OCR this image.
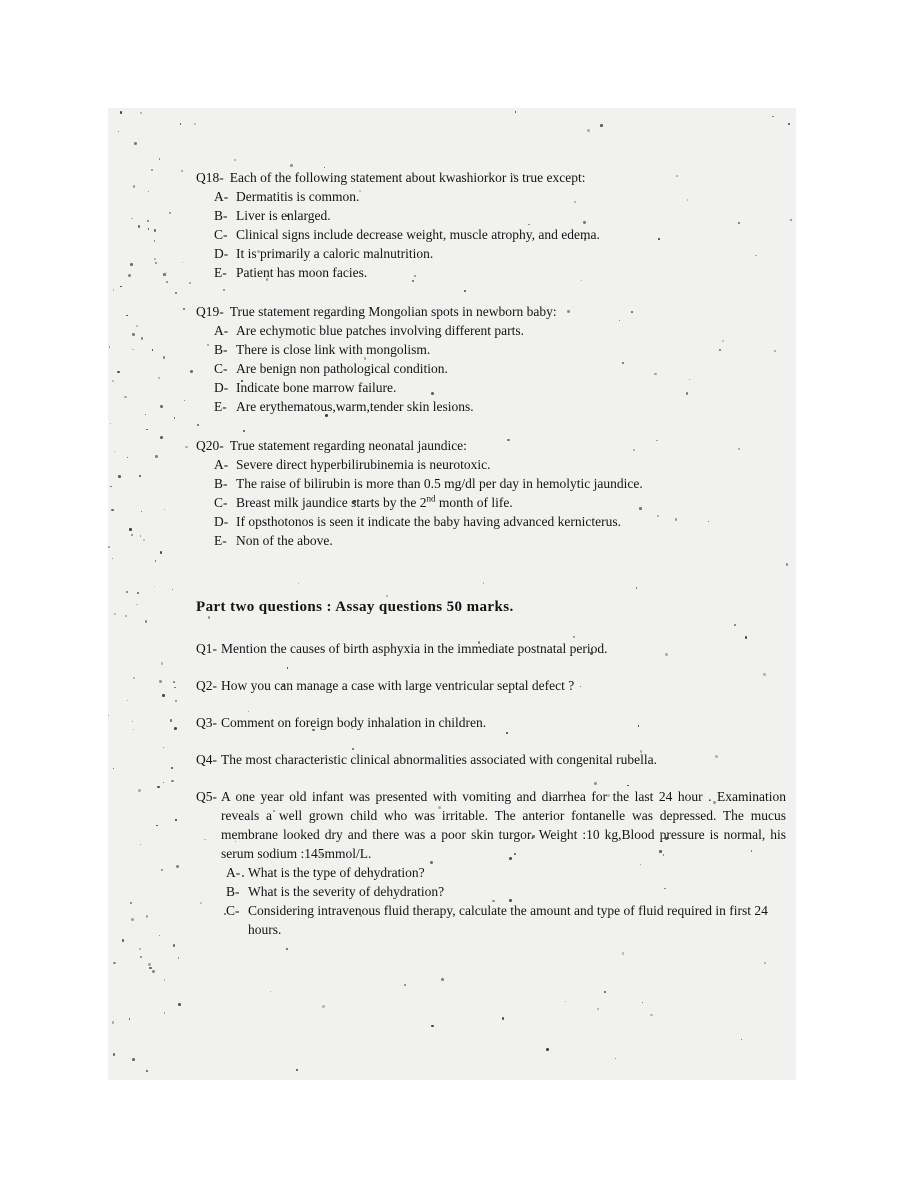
Q18- Each of the following statement about kwashiorkor is true except:
A- Dermatitis is common.
B- Liver is enlarged.
C- Clinical signs include decrease weight, muscle atrophy, and edema.
D- It is primarily a caloric malnutrition.
E- Patient has moon facies.
Q19- True statement regarding Mongolian spots in newborn baby:
A- Are echymotic blue patches involving different parts.
B- There is close link with mongolism.
C- Are benign non pathological condition.
D- Indicate bone marrow failure.
E- Are erythematous,warm,tender skin lesions.
Q20- True statement regarding neonatal jaundice:
A- Severe direct hyperbilirubinemia is neurotoxic.
B- The raise of bilirubin is more than 0.5 mg/dl per day in hemolytic jaundice.
C- Breast milk jaundice starts by the 2nd month of life.
D- If opsthotonos is seen it indicate the baby having advanced kernicterus.
E- Non of the above.
Part two questions : Assay questions 50 marks.
Q1- Mention the causes of birth asphyxia in the immediate postnatal period.
Q2- How you can manage a case with large ventricular septal defect ?
Q3- Comment on foreign body inhalation in children.
Q4- The most characteristic clinical abnormalities associated with congenital rubella.
Q5- A one year old infant was presented with vomiting and diarrhea for the last 24 hour . Examination reveals a well grown child who was irritable. The anterior fontanelle was depressed. The mucus membrane looked dry and there was a poor skin turgor. Weight :10 kg,Blood pressure is normal, his serum sodium :145mmol/L.
A- What is the type of dehydration?
B- What is the severity of dehydration?
C- Considering intravenous fluid therapy, calculate the amount and type of fluid required in first 24 hours.
